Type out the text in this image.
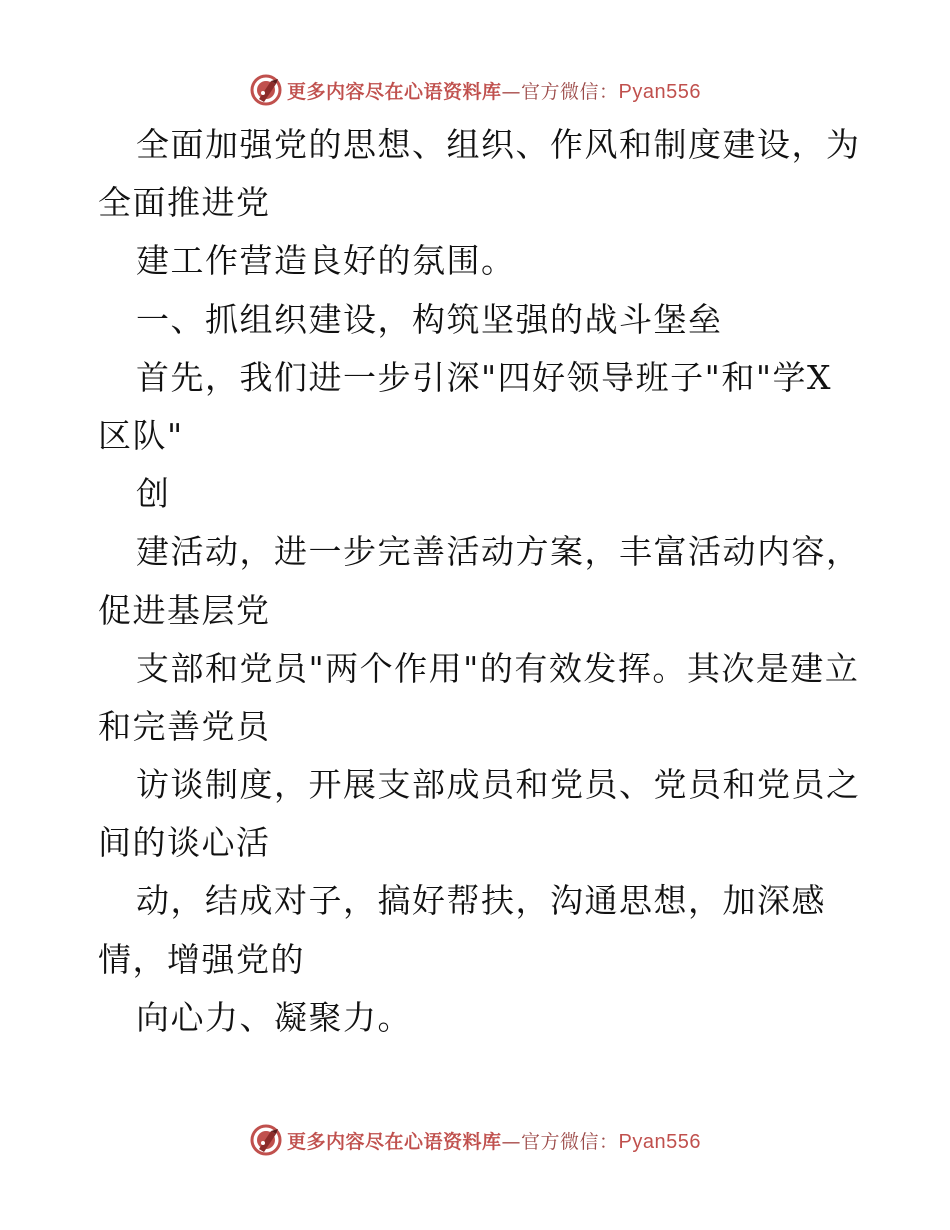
更多内容尽在心语资料库—官方微信：Pyan556
全面加强党的思想、组织、作风和制度建设，为
全面推进党
建工作营造良好的氛围。
一、抓组织建设，构筑坚强的战斗堡垒
首先，我们进一步引深"四好领导班子"和"学X
区队"
创
建活动，进一步完善活动方案，丰富活动内容，
促进基层党
支部和党员"两个作用"的有效发挥。其次是建立
和完善党员
访谈制度，开展支部成员和党员、党员和党员之
间的谈心活
动，结成对子，搞好帮扶，沟通思想，加深感
情，增强党的
向心力、凝聚力。
更多内容尽在心语资料库—官方微信：Pyan556
